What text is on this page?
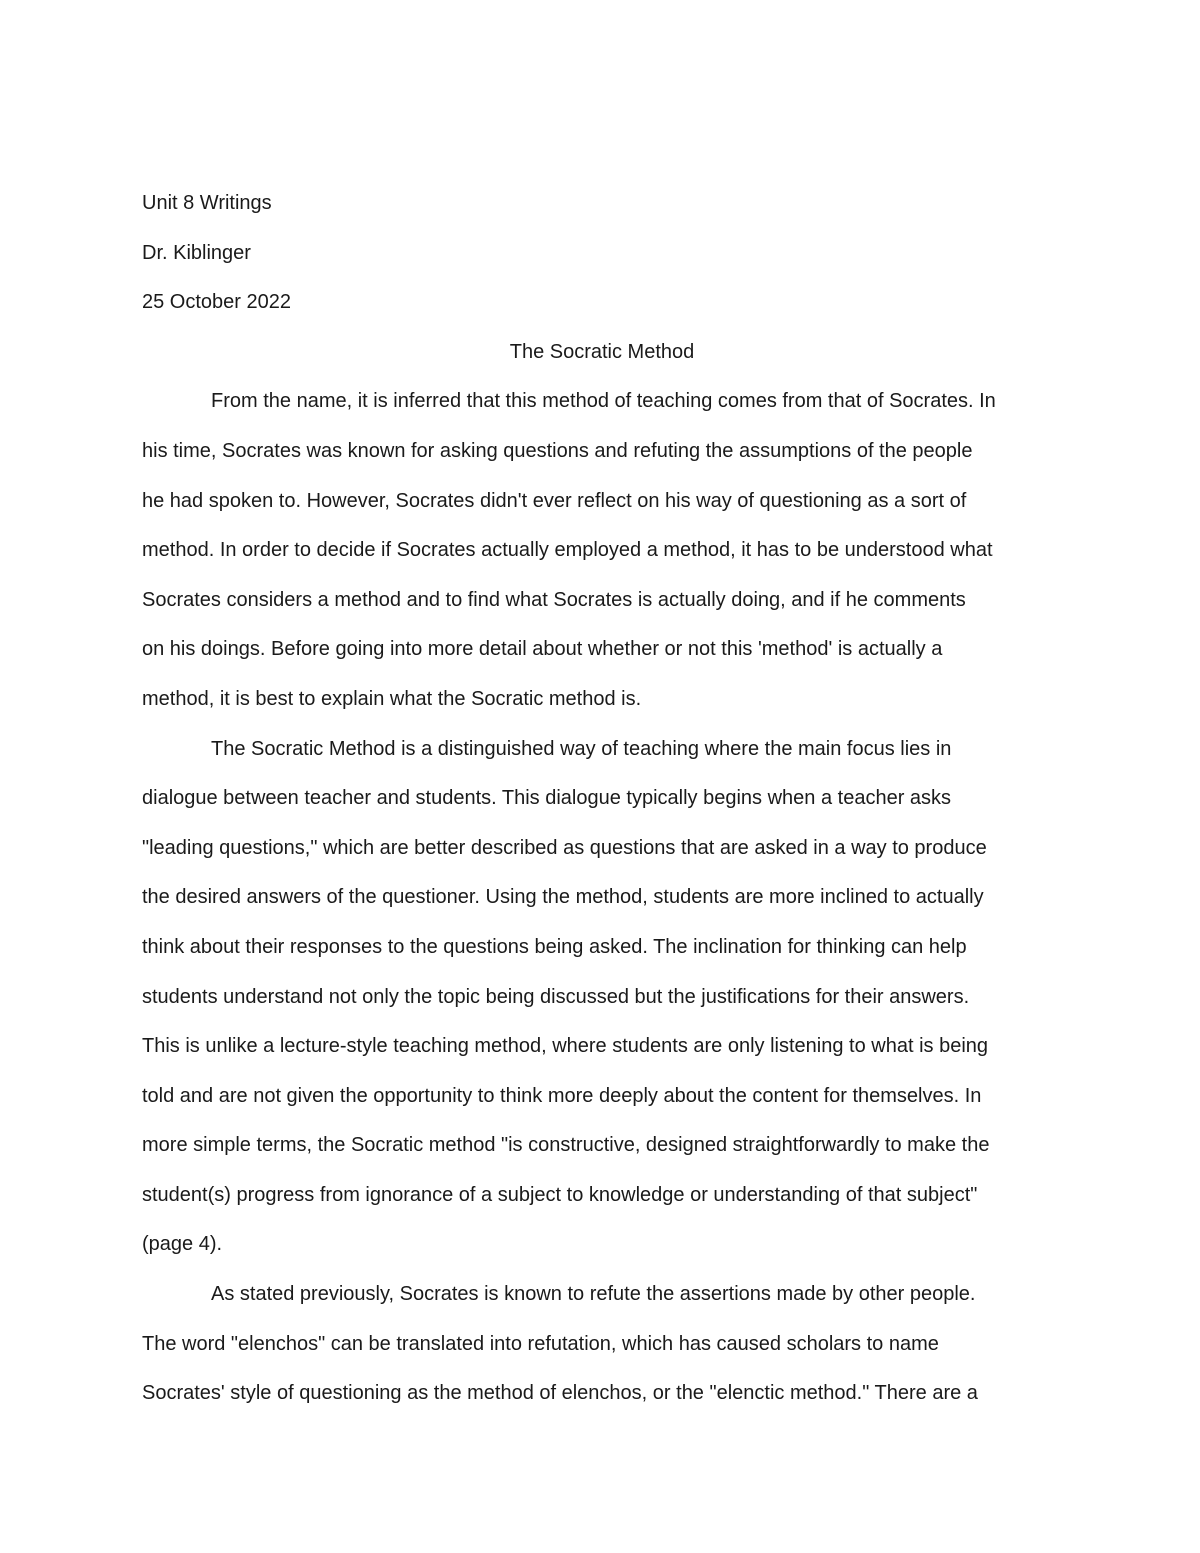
Unit 8 Writings

Dr. Kiblinger

25 October 2022

The Socratic Method

From the name, it is inferred that this method of teaching comes from that of Socrates. In

his time, Socrates was known for asking questions and refuting the assumptions of the people

he had spoken to. However, Socrates didn't ever reflect on his way of questioning as a sort of

method. In order to decide if Socrates actually employed a method, it has to be understood what

Socrates considers a method and to find what Socrates is actually doing, and if he comments

on his doings. Before going into more detail about whether or not this 'method' is actually a

method, it is best to explain what the Socratic method is.

The Socratic Method is a distinguished way of teaching where the main focus lies in

dialogue between teacher and students. This dialogue typically begins when a teacher asks

"leading questions," which are better described as questions that are asked in a way to produce

the desired answers of the questioner. Using the method, students are more inclined to actually

think about their responses to the questions being asked. The inclination for thinking can help

students understand not only the topic being discussed but the justifications for their answers.

This is unlike a lecture-style teaching method, where students are only listening to what is being

told and are not given the opportunity to think more deeply about the content for themselves. In

more simple terms, the Socratic method "is constructive, designed straightforwardly to make the

student(s) progress from ignorance of a subject to knowledge or understanding of that subject"

(page 4).

As stated previously, Socrates is known to refute the assertions made by other people.

The word "elenchos" can be translated into refutation, which has caused scholars to name

Socrates' style of questioning as the method of elenchos, or the "elenctic method." There are a
